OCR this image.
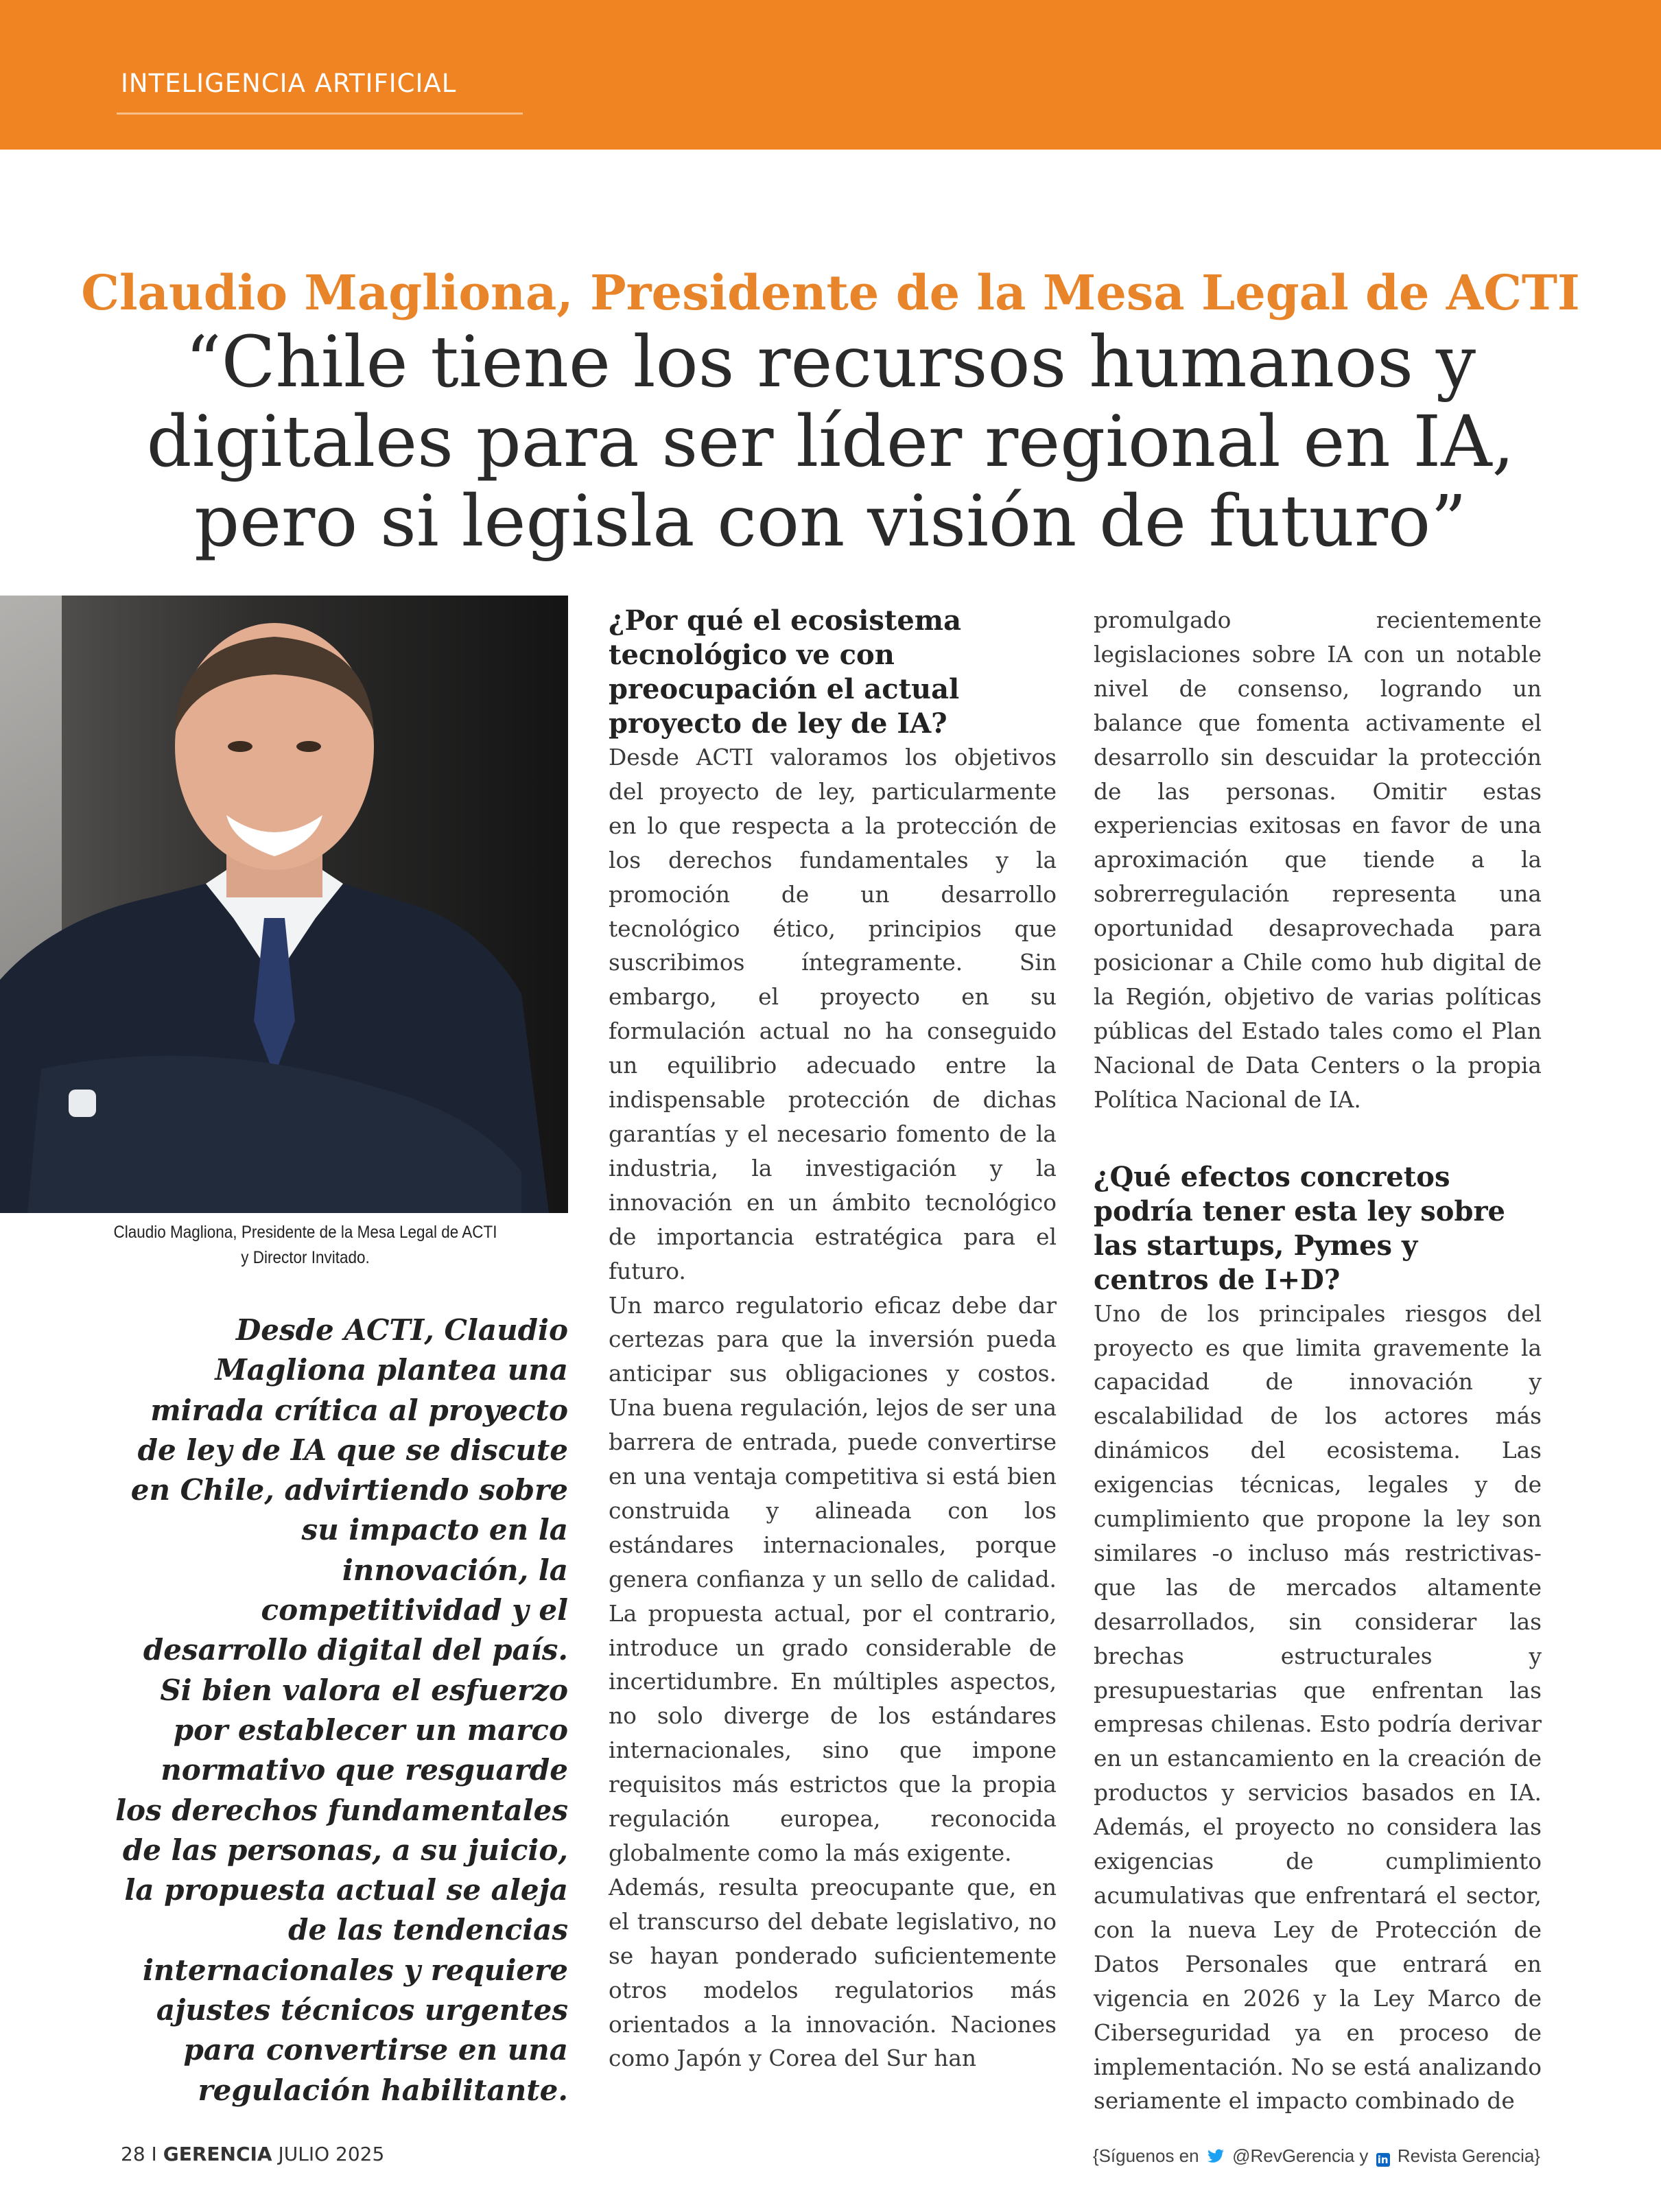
INTELIGENCIA ARTIFICIAL
Claudio Magliona, Presidente de la Mesa Legal de ACTI
“Chile tiene los recursos humanos y digitales para ser líder regional en IA, pero si legisla con visión de futuro”
Claudio Magliona, Presidente de la Mesa Legal de ACTI
y Director Invitado.
Desde ACTI, Claudio Magliona plantea una mirada crítica al proyecto de ley de IA que se discute en Chile, advirtiendo sobre su impacto en la innovación, la competitividad y el desarrollo digital del país. Si bien valora el esfuerzo por establecer un marco normativo que resguarde los derechos fundamentales de las personas, a su juicio, la propuesta actual se aleja de las tendencias internacionales y requiere ajustes técnicos urgentes para convertirse en una regulación habilitante.
¿Por qué el ecosistema tecnológico ve con preocupación el actual proyecto de ley de IA?

Desde ACTI valoramos los objetivos del proyecto de ley, particularmente en lo que respecta a la protección de los derechos fundamentales y la promoción de un desarrollo tecnológico ético, principios que suscribimos íntegramente. Sin embargo, el proyecto en su formulación actual no ha conseguido un equilibrio adecuado entre la indispensable protección de dichas garantías y el necesario fomento de la industria, la investigación y la innovación en un ámbito tecnológico de importancia estratégica para el futuro.

Un marco regulatorio eficaz debe dar certezas para que la inversión pueda anticipar sus obligaciones y costos. Una buena regulación, lejos de ser una barrera de entrada, puede convertirse en una ventaja competitiva si está bien construida y alineada con los estándares internacionales, porque genera confianza y un sello de calidad. La propuesta actual, por el contrario, introduce un grado considerable de incertidumbre. En múltiples aspectos, no solo diverge de los estándares internacionales, sino que impone requisitos más estrictos que la propia regulación europea, reconocida globalmente como la más exigente.

Además, resulta preocupante que, en el transcurso del debate legislativo, no se hayan ponderado suficientemente otros modelos regulatorios más orientados a la innovación. Naciones como Japón y Corea del Sur han

promulgado recientemente legislaciones sobre IA con un notable nivel de consenso, logrando un balance que fomenta activamente el desarrollo sin descuidar la protección de las personas. Omitir estas experiencias exitosas en favor de una aproximación que tiende a la sobrerregulación representa una oportunidad desaprovechada para posicionar a Chile como hub digital de la Región, objetivo de varias políticas públicas del Estado tales como el Plan Nacional de Data Centers o la propia Política Nacional de IA.

¿Qué efectos concretos podría tener esta ley sobre las startups, Pymes y centros de I+D?

Uno de los principales riesgos del proyecto es que limita gravemente la capacidad de innovación y escalabilidad de los actores más dinámicos del ecosistema. Las exigencias técnicas, legales y de cumplimiento que propone la ley son similares -o incluso más restrictivas- que las de mercados altamente desarrollados, sin considerar las brechas estructurales y presupuestarias que enfrentan las empresas chilenas. Esto podría derivar en un estancamiento en la creación de productos y servicios basados en IA. Además, el proyecto no considera las exigencias de cumplimiento acumulativas que enfrentará el sector, con la nueva Ley de Protección de Datos Personales que entrará en vigencia en 2026 y la Ley Marco de Ciberseguridad ya en proceso de implementación. No se está analizando seriamente el impacto combinado de

28 I GERENCIA JULIO 2025	{Síguenos en @RevGerencia y in Revista Gerencia}
